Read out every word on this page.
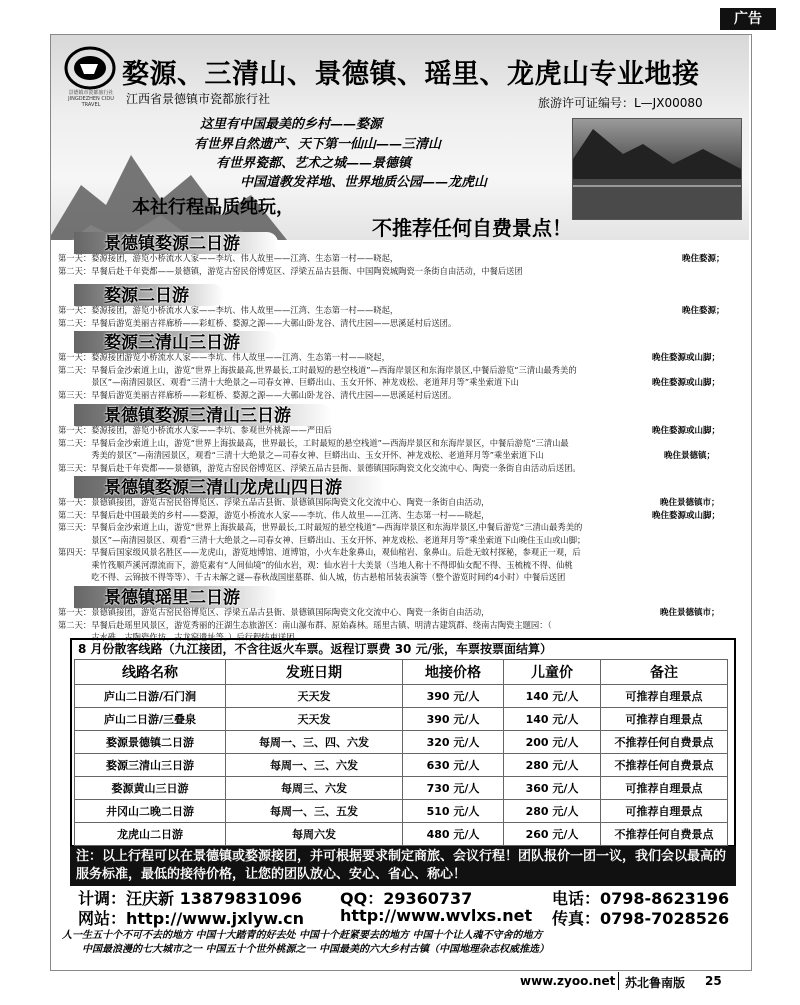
广告
景德镇市瓷都旅行社 JINGDEZHEN CIDU TRAVEL
婺源、三清山、景德镇、瑶里、龙虎山专业地接
江西省景德镇市瓷都旅行社	旅游许可证编号：L—JX00080
这里有中国最美的乡村——婺源
有世界自然遗产、天下第一仙山——三清山
有世界瓷都、艺术之城——景德镇
中国道教发祥地、世界地质公园——龙虎山
本社行程品质纯玩，
不推荐任何自费景点！
景德镇婺源二日游
第一天：婺源接团，游览小桥流水人家——李坑、伟人故里——江湾、生态第一村——晓起，	晚住婺源；
第二天：早餐后赴千年瓷都——景德镇，游览古窑民俗博览区、浮梁五品古县衙、中国陶瓷城陶瓷一条街自由活动，中餐后送团
婺源二日游
第一天：婺源接团，游览小桥流水人家——李坑、伟人故里——江湾、生态第一村——晓起，	晚住婺源；
第二天：早餐后游览美丽吉祥廊桥——彩虹桥、婺源之源——大鄣山卧龙谷、清代庄园——思溪延村后送团。
婺源三清山三日游
第一天：婺源接团游览小桥流水人家——李坑、伟人故里——江湾、生态第一村——晓起，	晚住婺源或山脚；
第二天：早餐后金沙索道上山，游览“世界上海拔最高,世界最长,工时最短的悬空栈道”—西海岸景区和东海岸景区,中餐后游览“三清山最秀美的
　　　　景区”—南清园景区、观看“三清十大绝景之—司春女神、巨蟒出山、玉女开怀、神龙戏松、老道拜月等”乘坐索道下山	晚住婺源或山脚；
第三天：早餐后游览美丽吉祥廊桥——彩虹桥、婺源之源——大鄣山卧龙谷、清代庄园——思溪延村后送团。
景德镇婺源三清山三日游
第一天：婺源接团，游览小桥流水人家——李坑、参观世外桃源——严田后	晚住婺源或山脚；
第二天：早餐后金沙索道上山，游览“世界上海拔最高，世界最长，工时最短的悬空栈道”—西海岸景区和东海岸景区，中餐后游览“三清山最
　　　　秀美的景区”—南清园景区，观看“三清十大绝景之—司春女神、巨蟒出山、玉女开怀、神龙戏松、老道拜月等”乘坐索道下山	晚住景德镇；
第三天：早餐后赴千年瓷都——景德镇，游览古窑民俗博览区、浮梁五品古县衙、景德镇国际陶瓷文化交流中心、陶瓷一条街自由活动后送团。
景德镇婺源三清山龙虎山四日游
第一天：景德镇接团，游览古窑民俗博览区、浮梁五品古县衙、景德镇国际陶瓷文化交流中心、陶瓷一条街自由活动，	晚住景德镇市；
第二天：早餐后赴中国最美的乡村——婺源，游览小桥流水人家——李坑、伟人故里——江湾、生态第一村——晓起，	晚住婺源或山脚；
第三天：早餐后金沙索道上山，游览“世界上海拔最高，世界最长,工时最短的悬空栈道”—西海岸景区和东海岸景区,中餐后游览“三清山最秀美的
　　　　景区”—南清园景区、观看“三清十大绝景之—司春女神、巨蟒出山、玉女开怀、神龙戏松、老道拜月等”乘坐索道下山晚住玉山或山脚；
第四天：早餐后国家级风景名胜区——龙虎山，游览地博馆、道博馆，小火车赴象鼻山，观仙棺岩、象鼻山。后赴无蚊村探秘，参观正一观，后
　　　　乘竹筏顺芦溪河漂流而下，游览素有“人间仙境”的仙水岩，观：仙水岩十大美景（当地人称十不得即仙女配不得、玉梳梳不得、仙桃
　　　　吃不得、云锦披不得等等）、千古未解之谜—春秋战国崖墓群、仙人城，仿古悬棺吊装表演等（整个游览时间约4小时）中餐后送团
景德镇瑶里二日游
第一天：景德镇接团，游览古窑民俗博览区、浮梁五品古县衙、景德镇国际陶瓷文化交流中心、陶瓷一条街自由活动，	晚住景德镇市；
第二天：早餐后赴瑶里风景区，游览秀丽的汪湖生态旅游区：南山瀑布群、原始森林。瑶里古镇、明清古建筑群、绕南古陶瓷主题园：（
　　　　古水碓、古陶瓷作坊、古龙窑遗址等。）后行程结束送团。
8 月份散客线路（九江接团，不含往返火车票。返程订票费 30 元/张，车票按票面结算）
线路名称	发班日期	地接价格	儿童价	备注
庐山二日游/石门涧	天天发	390 元/人	140 元/人	可推荐自理景点
庐山二日游/三叠泉	天天发	390 元/人	140 元/人	可推荐自理景点
婺源景德镇二日游	每周一、三、四、六发	320 元/人	200 元/人	不推荐任何自费景点
婺源三清山三日游	每周一、三、六发	630 元/人	280 元/人	不推荐任何自费景点
婺源黄山三日游	每周三、六发	730 元/人	360 元/人	可推荐自理景点
井冈山二晚二日游	每周一、三、五发	510 元/人	280 元/人	可推荐自理景点
龙虎山二日游	每周六发	480 元/人	260 元/人	不推荐任何自费景点
注：以上行程可以在景德镇或婺源接团，并可根据要求制定商旅、会议行程！团队报价一团一议，我们会以最高的服务标准，最低的接待价格，让您的团队放心、安心、省心、称心！
计调：汪庆新 13879831096 QQ：29360737	电话：0798-8623196
网站：http://www.jxlyw.cn http://www.wvlxs.net 传真：0798-7028526
人一生五十个不可不去的地方 中国十大踏青的好去处 中国十个赶紧要去的地方 中国十个让人魂不守舍的地方
中国最浪漫的七大城市之一 中国五十个世外桃源之一 中国最美的六大乡村古镇（中国地理杂志权威推选）
www.zyoo.net 苏北鲁南版 25
